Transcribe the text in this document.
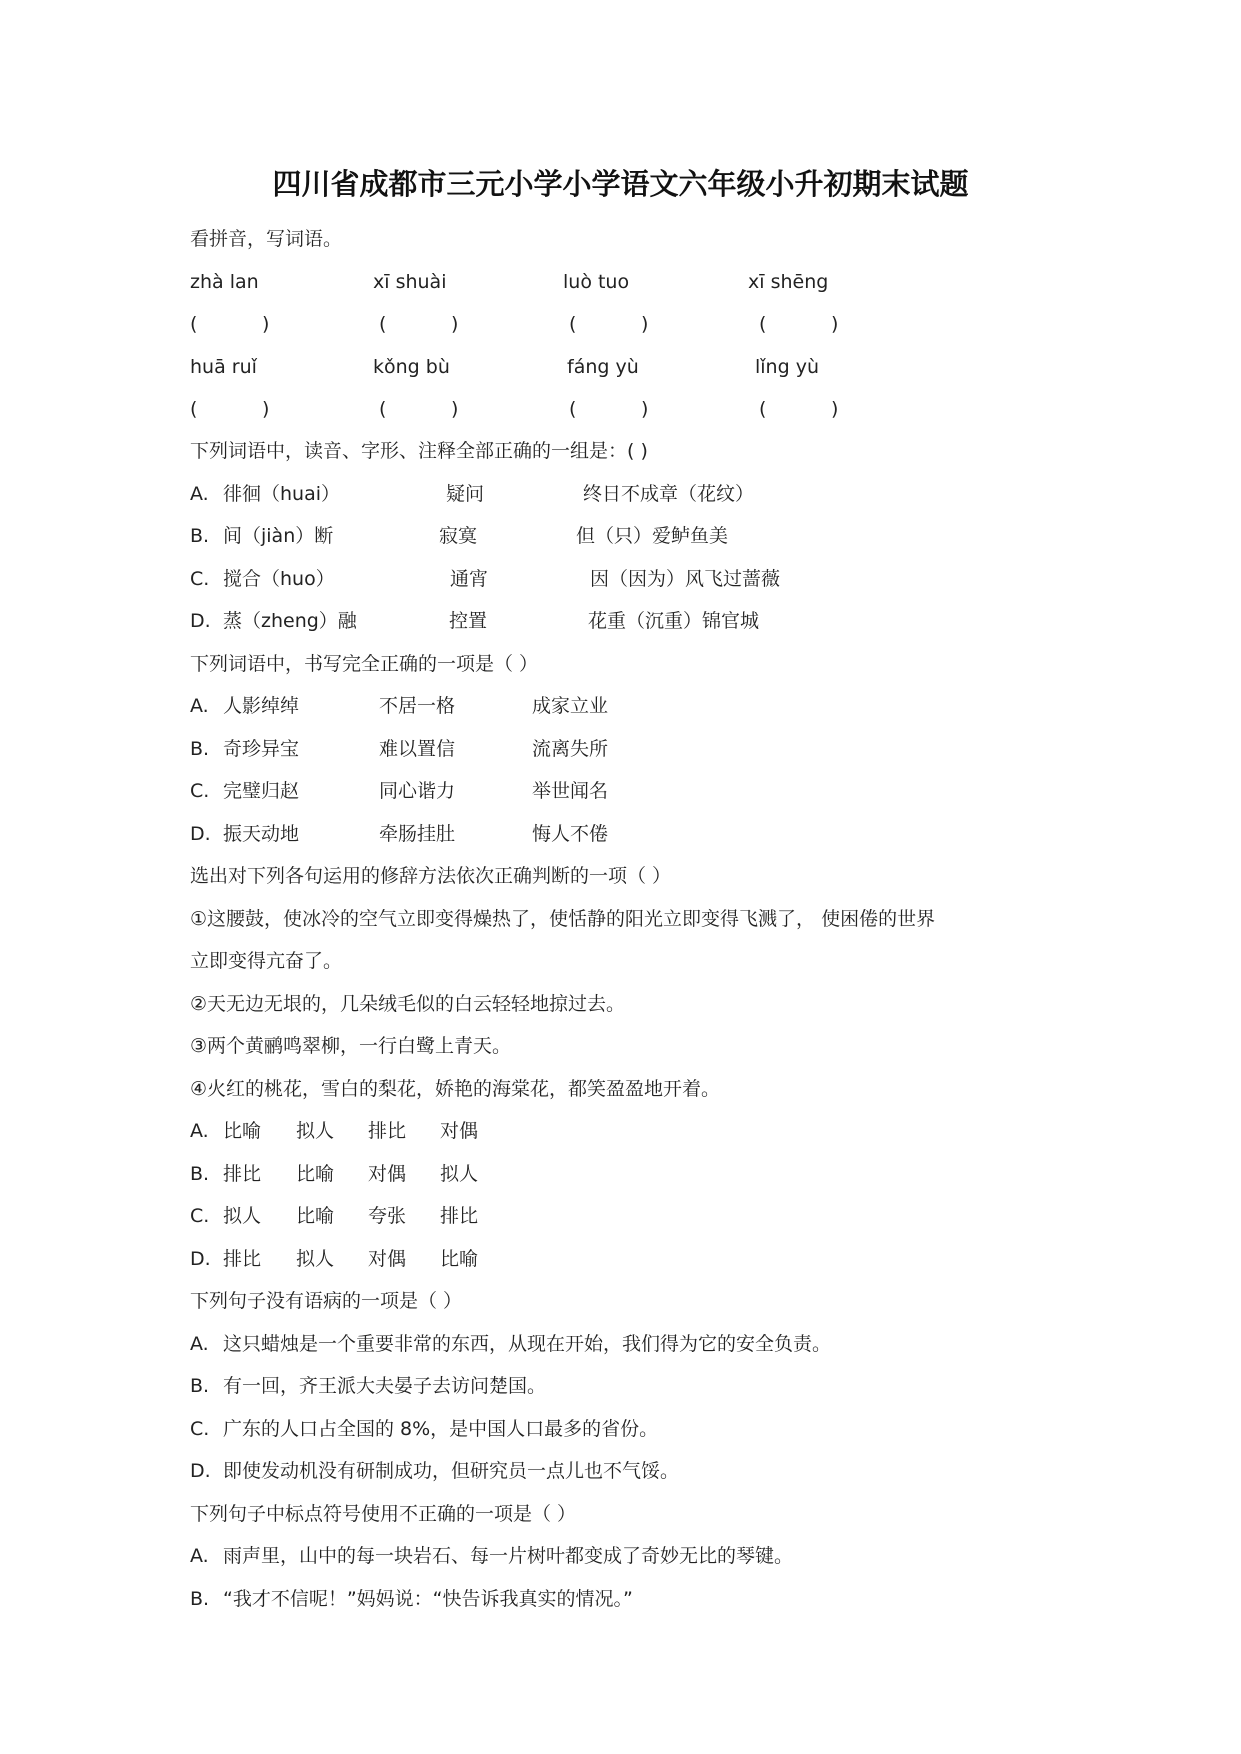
四川省成都市三元小学小学语文六年级小升初期末试题
看拼音，写词语。
zhà lan	xī shuài	luò tuo	xī shēng
(	)	(	)	(	)	(	)
huā ruǐ	kǒng bù	fáng yù	lǐng yù
(	)	(	)	(	)	(	)
下列词语中，读音、字形、注释全部正确的一组是：( )
A. 徘徊（huai）	疑问	终日不成章（花纹）
B. 间（jiàn）断	寂寞	但（只）爱鲈鱼美
C. 搅合（huo）	通宵	因（因为）风飞过蔷薇
D. 蒸（zheng）融	控置	花重（沉重）锦官城
下列词语中，书写完全正确的一项是（ ）
A. 人影绰绰	不居一格	成家立业
B. 奇珍异宝	难以置信	流离失所
C. 完璧归赵	同心谐力	举世闻名
D. 振天动地	牵肠挂肚	悔人不倦
选出对下列各句运用的修辞方法依次正确判断的一项（ ）
①这腰鼓，使冰冷的空气立即变得燥热了，使恬静的阳光立即变得飞溅了， 使困倦的世界
立即变得亢奋了。
②天无边无垠的，几朵绒毛似的白云轻轻地掠过去。
③两个黄鹂鸣翠柳，一行白鹭上青天。
④火红的桃花，雪白的梨花，娇艳的海棠花，都笑盈盈地开着。
A. 比喻 拟人 排比 对偶
B. 排比 比喻 对偶 拟人
C. 拟人 比喻 夸张 排比
D. 排比 拟人 对偶 比喻
下列句子没有语病的一项是（ ）
A. 这只蜡烛是一个重要非常的东西，从现在开始，我们得为它的安全负责。
B. 有一回，齐王派大夫晏子去访问楚国。
C. 广东的人口占全国的 8%，是中国人口最多的省份。
D. 即使发动机没有研制成功，但研究员一点儿也不气馁。
下列句子中标点符号使用不正确的一项是（ ）
A. 雨声里，山中的每一块岩石、每一片树叶都变成了奇妙无比的琴键。
B. “我才不信呢！”妈妈说：“快告诉我真实的情况。”
